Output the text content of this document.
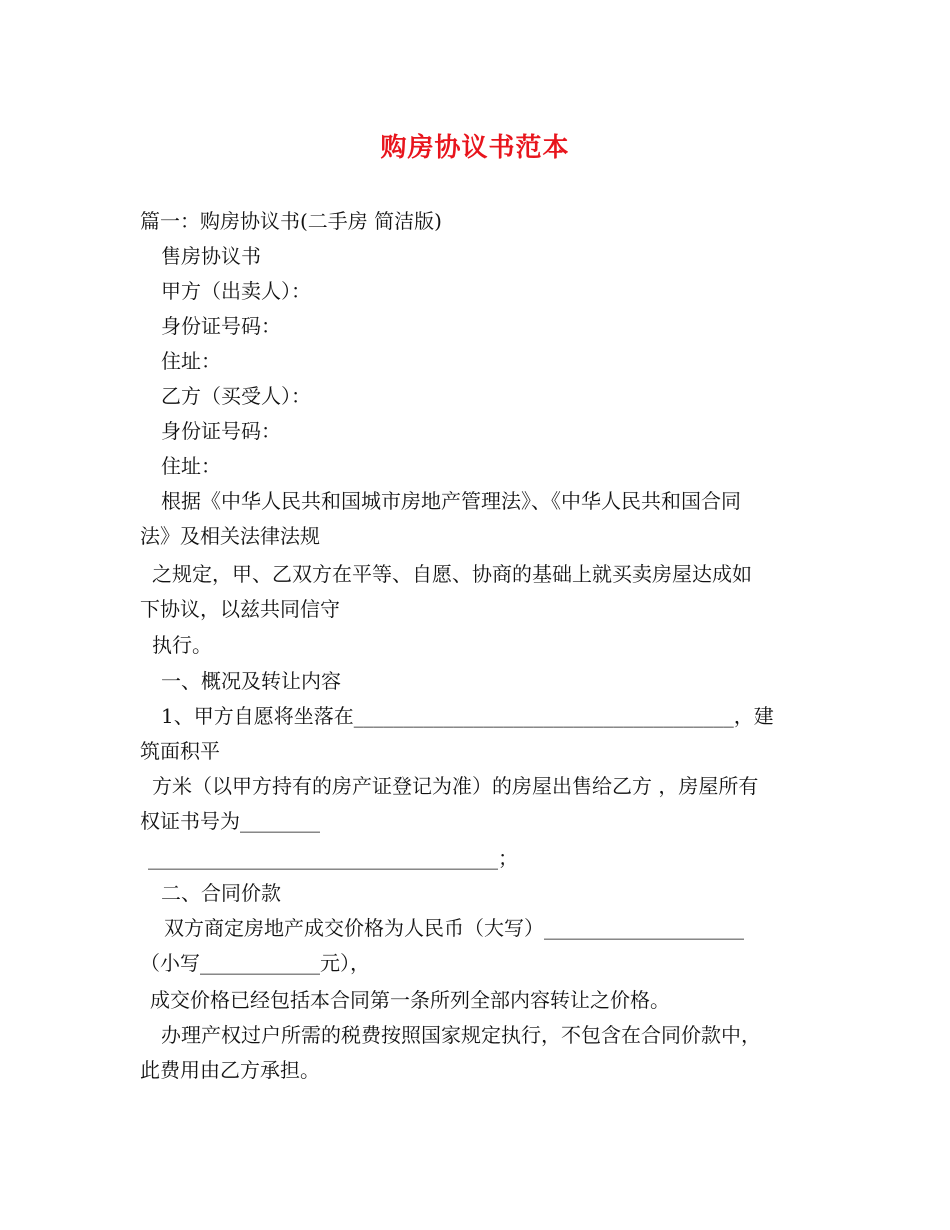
购房协议书范本
篇一：购房协议书(二手房 简洁版)
售房协议书
甲方（出卖人）：
身份证号码：
住址：
乙方（买受人）：
身份证号码：
住址：
根据《中华人民共和国城市房地产管理法》、《中华人民共和国合同
法》及相关法律法规
之规定，甲、乙双方在平等、自愿、协商的基础上就买卖房屋达成如
下协议，以兹共同信守
执行。
一、概况及转让内容
1、甲方自愿将坐落在______________________________________，建
筑面积平
方米（以甲方持有的房产证登记为准）的房屋出售给乙方 ，房屋所有
权证书号为________
___________________________________；
二、合同价款
双方商定房地产成交价格为人民币（大写）____________________
（小写____________元），
成交价格已经包括本合同第一条所列全部内容转让之价格。
办理产权过户所需的税费按照国家规定执行，不包含在合同价款中，
此费用由乙方承担。
